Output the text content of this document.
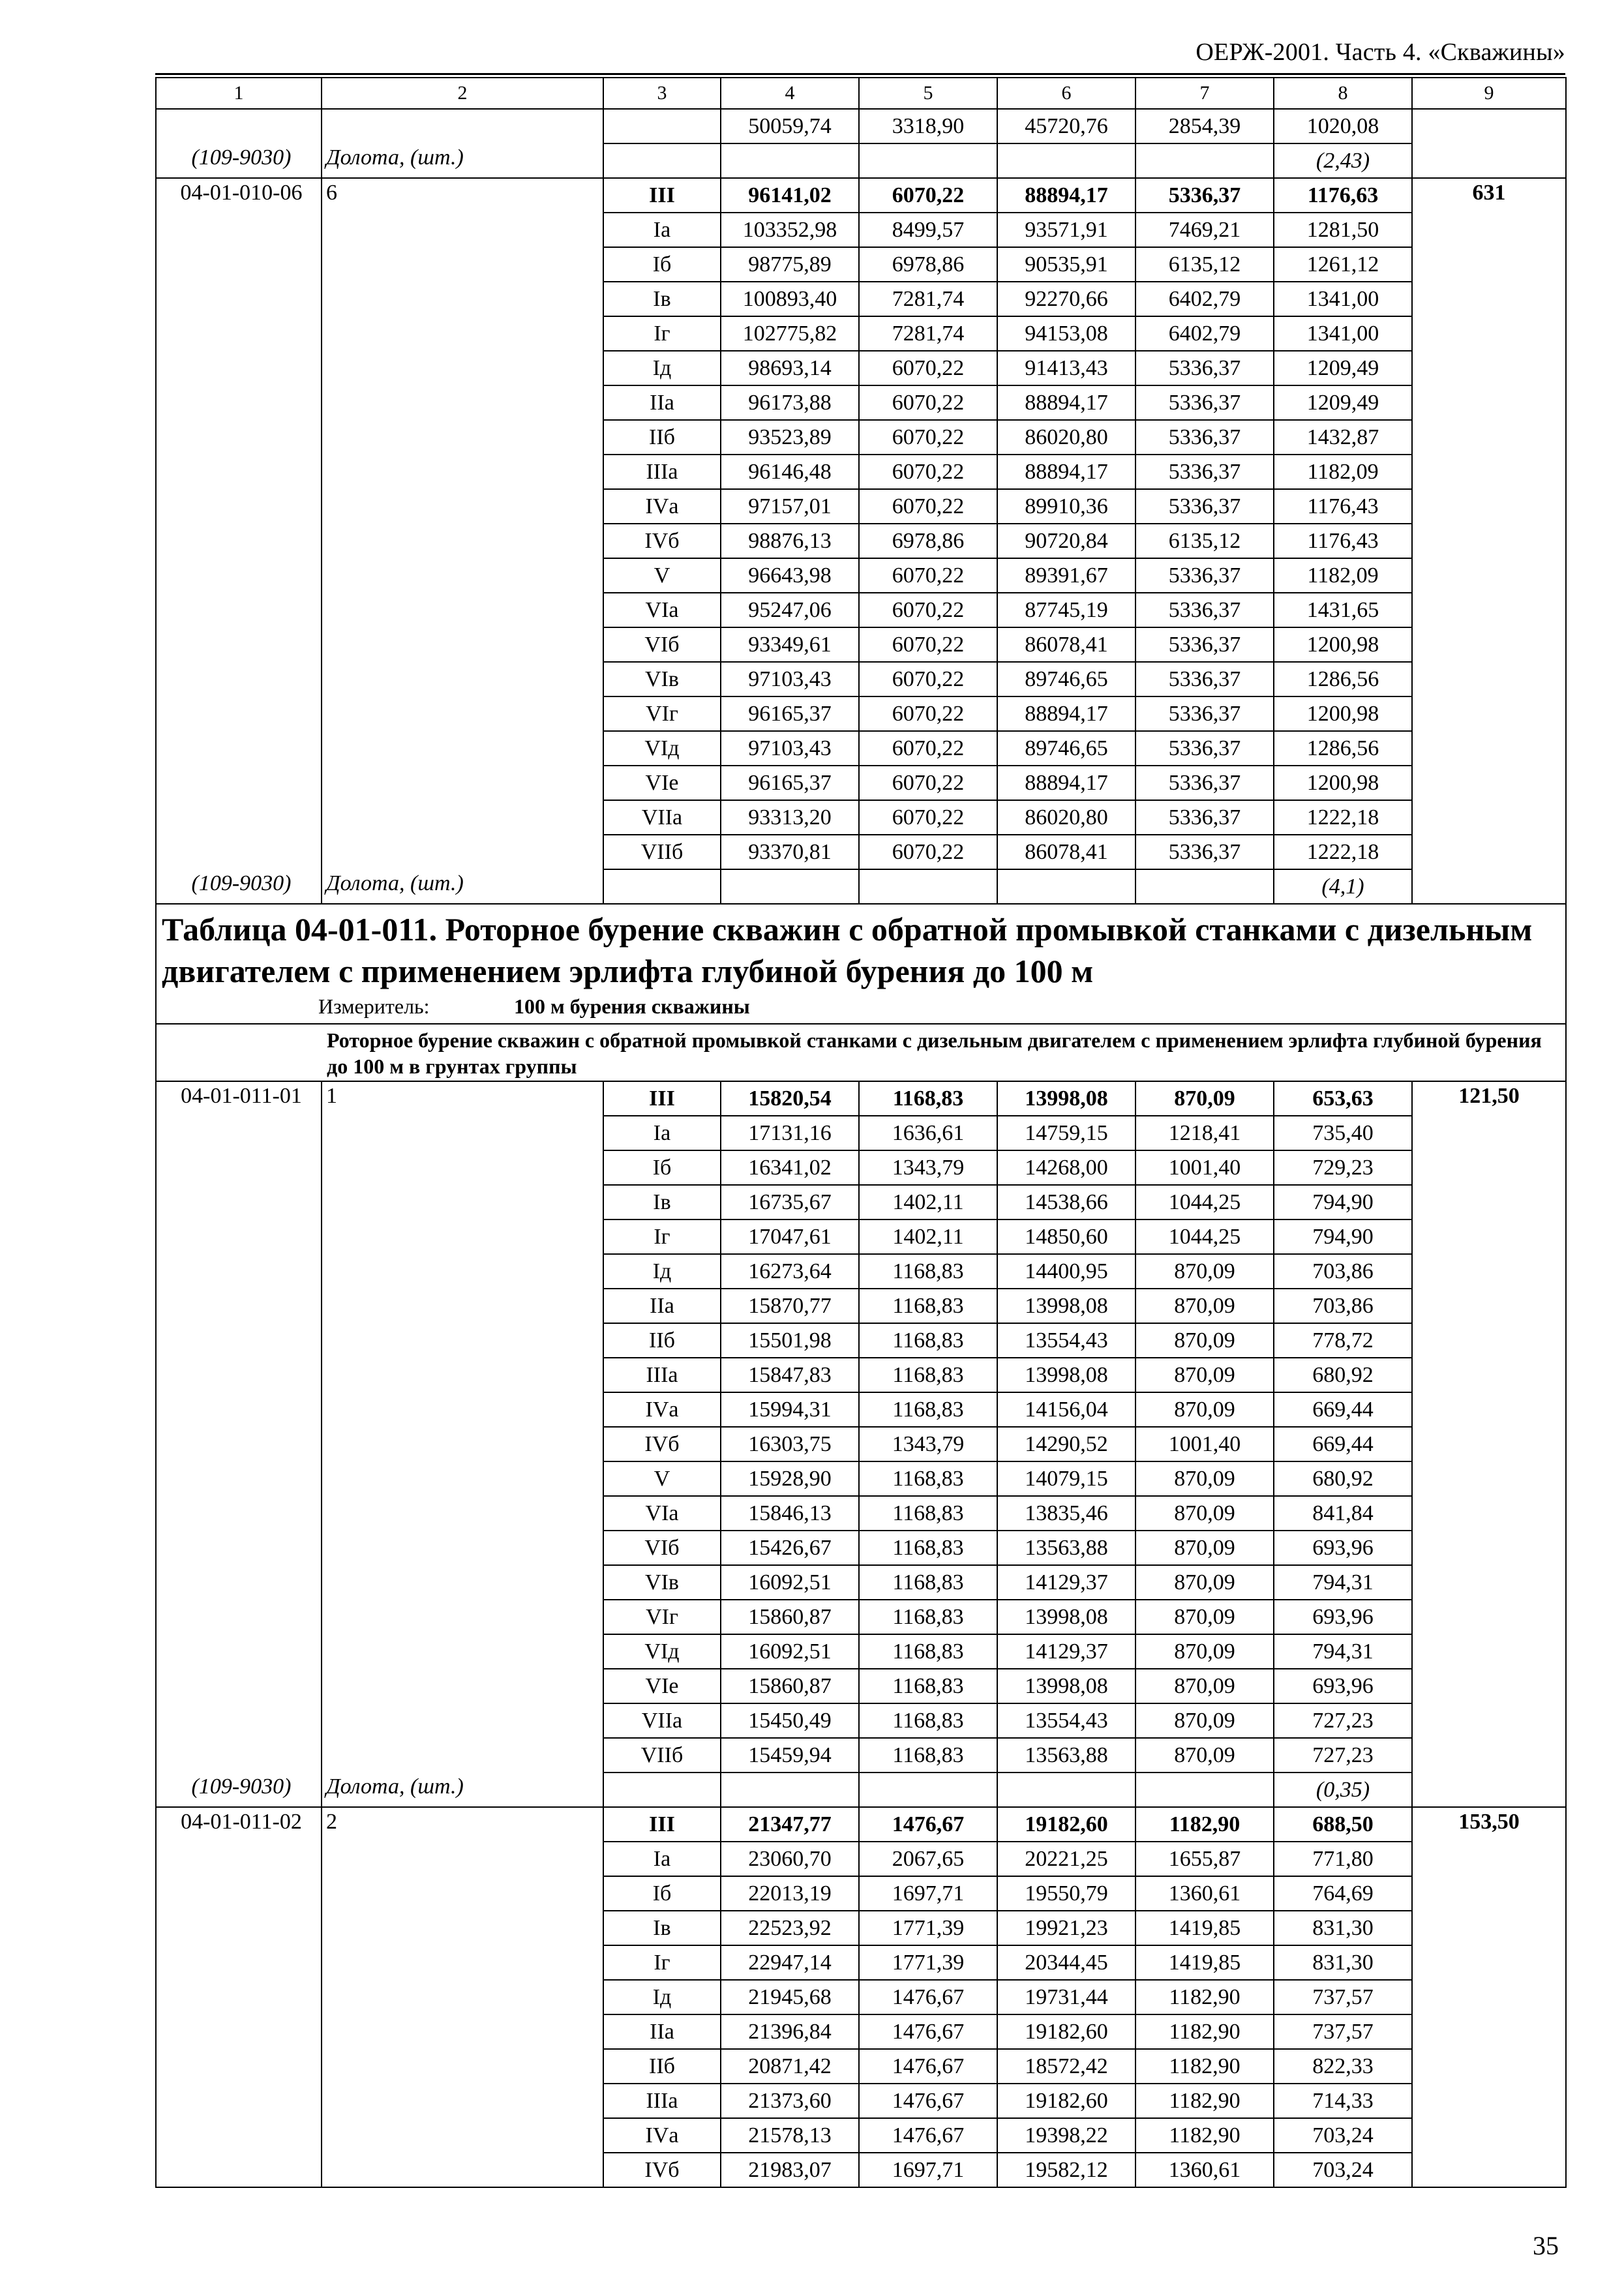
ОЕРЖ-2001. Часть 4. «Скважины»
1	2	3	4	5	6	7	8	9
			50059,74	3318,90	45720,76	2854,39	1020,08	
(109-9030)	Долота, (шт.)						(2,43)	
04-01-010-06	6	III	96141,02	6070,22	88894,17	5336,37	1176,63	631
		Iа	103352,98	8499,57	93571,91	7469,21	1281,50	
		Iб	98775,89	6978,86	90535,91	6135,12	1261,12	
		Iв	100893,40	7281,74	92270,66	6402,79	1341,00	
		Iг	102775,82	7281,74	94153,08	6402,79	1341,00	
		Iд	98693,14	6070,22	91413,43	5336,37	1209,49	
		IIа	96173,88	6070,22	88894,17	5336,37	1209,49	
		IIб	93523,89	6070,22	86020,80	5336,37	1432,87	
		IIIа	96146,48	6070,22	88894,17	5336,37	1182,09	
		IVа	97157,01	6070,22	89910,36	5336,37	1176,43	
		IVб	98876,13	6978,86	90720,84	6135,12	1176,43	
		V	96643,98	6070,22	89391,67	5336,37	1182,09	
		VIа	95247,06	6070,22	87745,19	5336,37	1431,65	
		VIб	93349,61	6070,22	86078,41	5336,37	1200,98	
		VIв	97103,43	6070,22	89746,65	5336,37	1286,56	
		VIг	96165,37	6070,22	88894,17	5336,37	1200,98	
		VIд	97103,43	6070,22	89746,65	5336,37	1286,56	
		VIе	96165,37	6070,22	88894,17	5336,37	1200,98	
		VIIа	93313,20	6070,22	86020,80	5336,37	1222,18	
		VIIб	93370,81	6070,22	86078,41	5336,37	1222,18	
(109-9030)	Долота, (шт.)						(4,1)	
Таблица 04-01-011. Роторное бурение скважин с обратной промывкой станками с дизельным двигателем с применением эрлифта глубиной бурения до 100 м								
Измеритель: 100 м бурения скважины								
	Роторное бурение скважин с обратной промывкой станками с дизельным двигателем с применением эрлифта глубиной бурения до 100 м в грунтах группы							
04-01-011-01	1	III	15820,54	1168,83	13998,08	870,09	653,63	121,50
		Iа	17131,16	1636,61	14759,15	1218,41	735,40	
		Iб	16341,02	1343,79	14268,00	1001,40	729,23	
		Iв	16735,67	1402,11	14538,66	1044,25	794,90	
		Iг	17047,61	1402,11	14850,60	1044,25	794,90	
		Iд	16273,64	1168,83	14400,95	870,09	703,86	
		IIа	15870,77	1168,83	13998,08	870,09	703,86	
		IIб	15501,98	1168,83	13554,43	870,09	778,72	
		IIIа	15847,83	1168,83	13998,08	870,09	680,92	
		IVа	15994,31	1168,83	14156,04	870,09	669,44	
		IVб	16303,75	1343,79	14290,52	1001,40	669,44	
		V	15928,90	1168,83	14079,15	870,09	680,92	
		VIа	15846,13	1168,83	13835,46	870,09	841,84	
		VIб	15426,67	1168,83	13563,88	870,09	693,96	
		VIв	16092,51	1168,83	14129,37	870,09	794,31	
		VIг	15860,87	1168,83	13998,08	870,09	693,96	
		VIд	16092,51	1168,83	14129,37	870,09	794,31	
		VIе	15860,87	1168,83	13998,08	870,09	693,96	
		VIIа	15450,49	1168,83	13554,43	870,09	727,23	
		VIIб	15459,94	1168,83	13563,88	870,09	727,23	
(109-9030)	Долота, (шт.)						(0,35)	
04-01-011-02	2	III	21347,77	1476,67	19182,60	1182,90	688,50	153,50
		Iа	23060,70	2067,65	20221,25	1655,87	771,80	
		Iб	22013,19	1697,71	19550,79	1360,61	764,69	
		Iв	22523,92	1771,39	19921,23	1419,85	831,30	
		Iг	22947,14	1771,39	20344,45	1419,85	831,30	
		Iд	21945,68	1476,67	19731,44	1182,90	737,57	
		IIа	21396,84	1476,67	19182,60	1182,90	737,57	
		IIб	20871,42	1476,67	18572,42	1182,90	822,33	
		IIIа	21373,60	1476,67	19182,60	1182,90	714,33	
		IVа	21578,13	1476,67	19398,22	1182,90	703,24	
		IVб	21983,07	1697,71	19582,12	1360,61	703,24	
35
